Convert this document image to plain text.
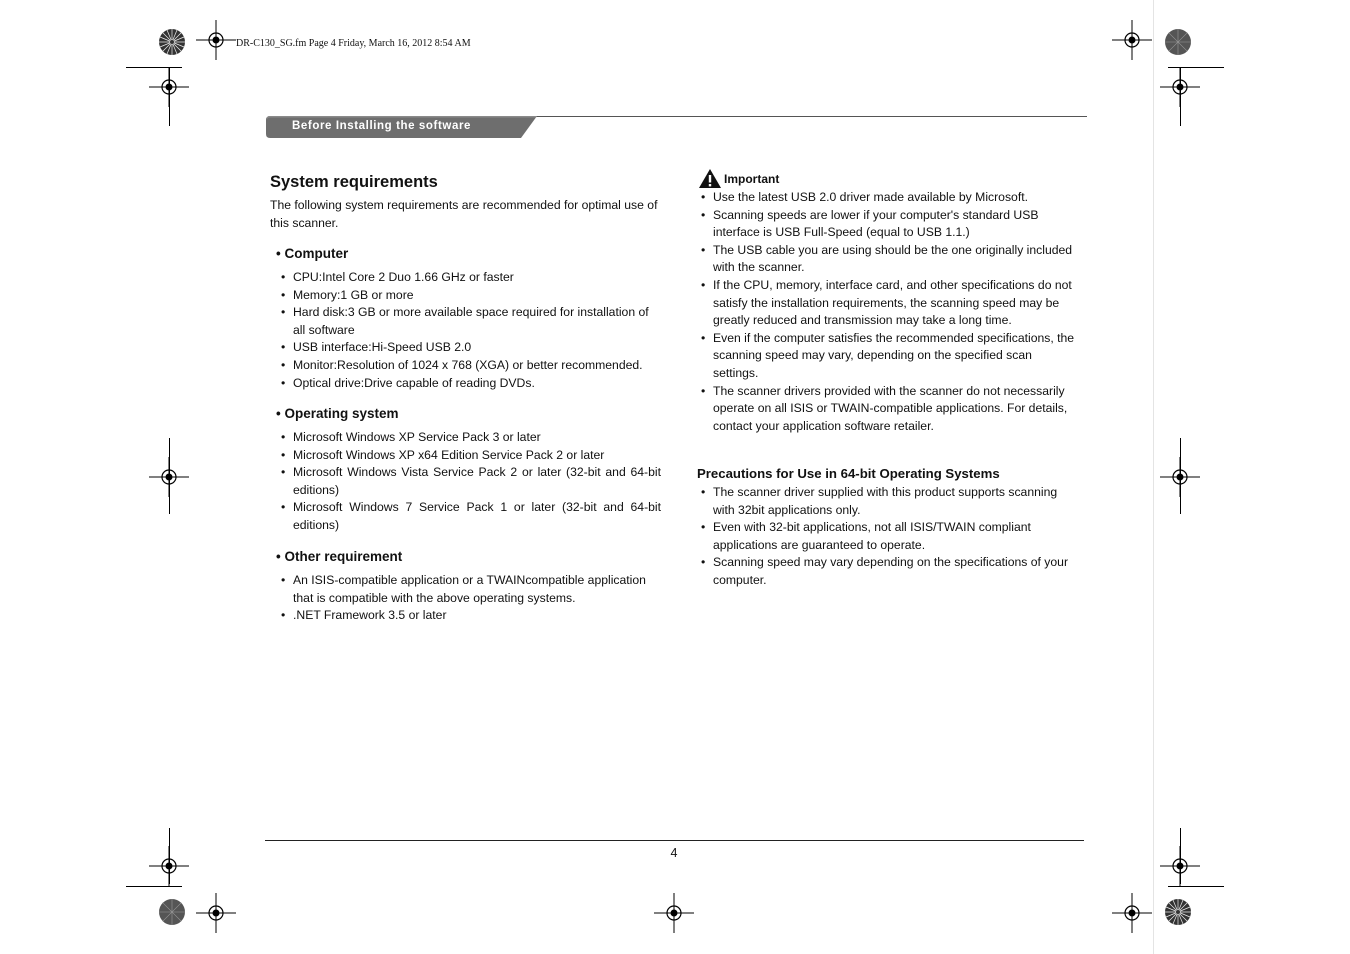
DR-C130_SG.fm Page 4 Friday, March 16, 2012 8:54 AM
Before Installing the software
System requirements
The following system requirements are recommended for optimal use of this scanner.
• Computer
• CPU:Intel Core 2 Duo 1.66 GHz or faster
• Memory:1 GB or more
• Hard disk:3 GB or more available space required for installation of all software
• USB interface:Hi-Speed USB 2.0
• Monitor:Resolution of 1024 x 768 (XGA) or better recommended.
• Optical drive:Drive capable of reading DVDs.
• Operating system
• Microsoft Windows XP Service Pack 3 or later
• Microsoft Windows XP x64 Edition Service Pack 2 or later
• Microsoft Windows Vista Service Pack 2 or later (32-bit and 64-bit editions)
• Microsoft Windows 7 Service Pack 1 or later (32-bit and 64-bit editions)
• Other requirement
• An ISIS-compatible application or a TWAINcompatible application that is compatible with the above operating systems.
• .NET Framework 3.5 or later
Important
• Use the latest USB 2.0 driver made available by Microsoft.
• Scanning speeds are lower if your computer's standard USB interface is USB Full-Speed (equal to USB 1.1.)
• The USB cable you are using should be the one originally included with the scanner.
• If the CPU, memory, interface card, and other specifications do not satisfy the installation requirements, the scanning speed may be greatly reduced and transmission may take a long time.
• Even if the computer satisfies the recommended specifications, the scanning speed may vary, depending on the specified scan settings.
• The scanner drivers provided with the scanner do not necessarily operate on all ISIS or TWAIN-compatible applications. For details, contact your application software retailer.
Precautions for Use in 64-bit Operating Systems
• The scanner driver supplied with this product supports scanning with 32bit applications only.
• Even with 32-bit applications, not all ISIS/TWAIN compliant applications are guaranteed to operate.
• Scanning speed may vary depending on the specifications of your computer.
4
